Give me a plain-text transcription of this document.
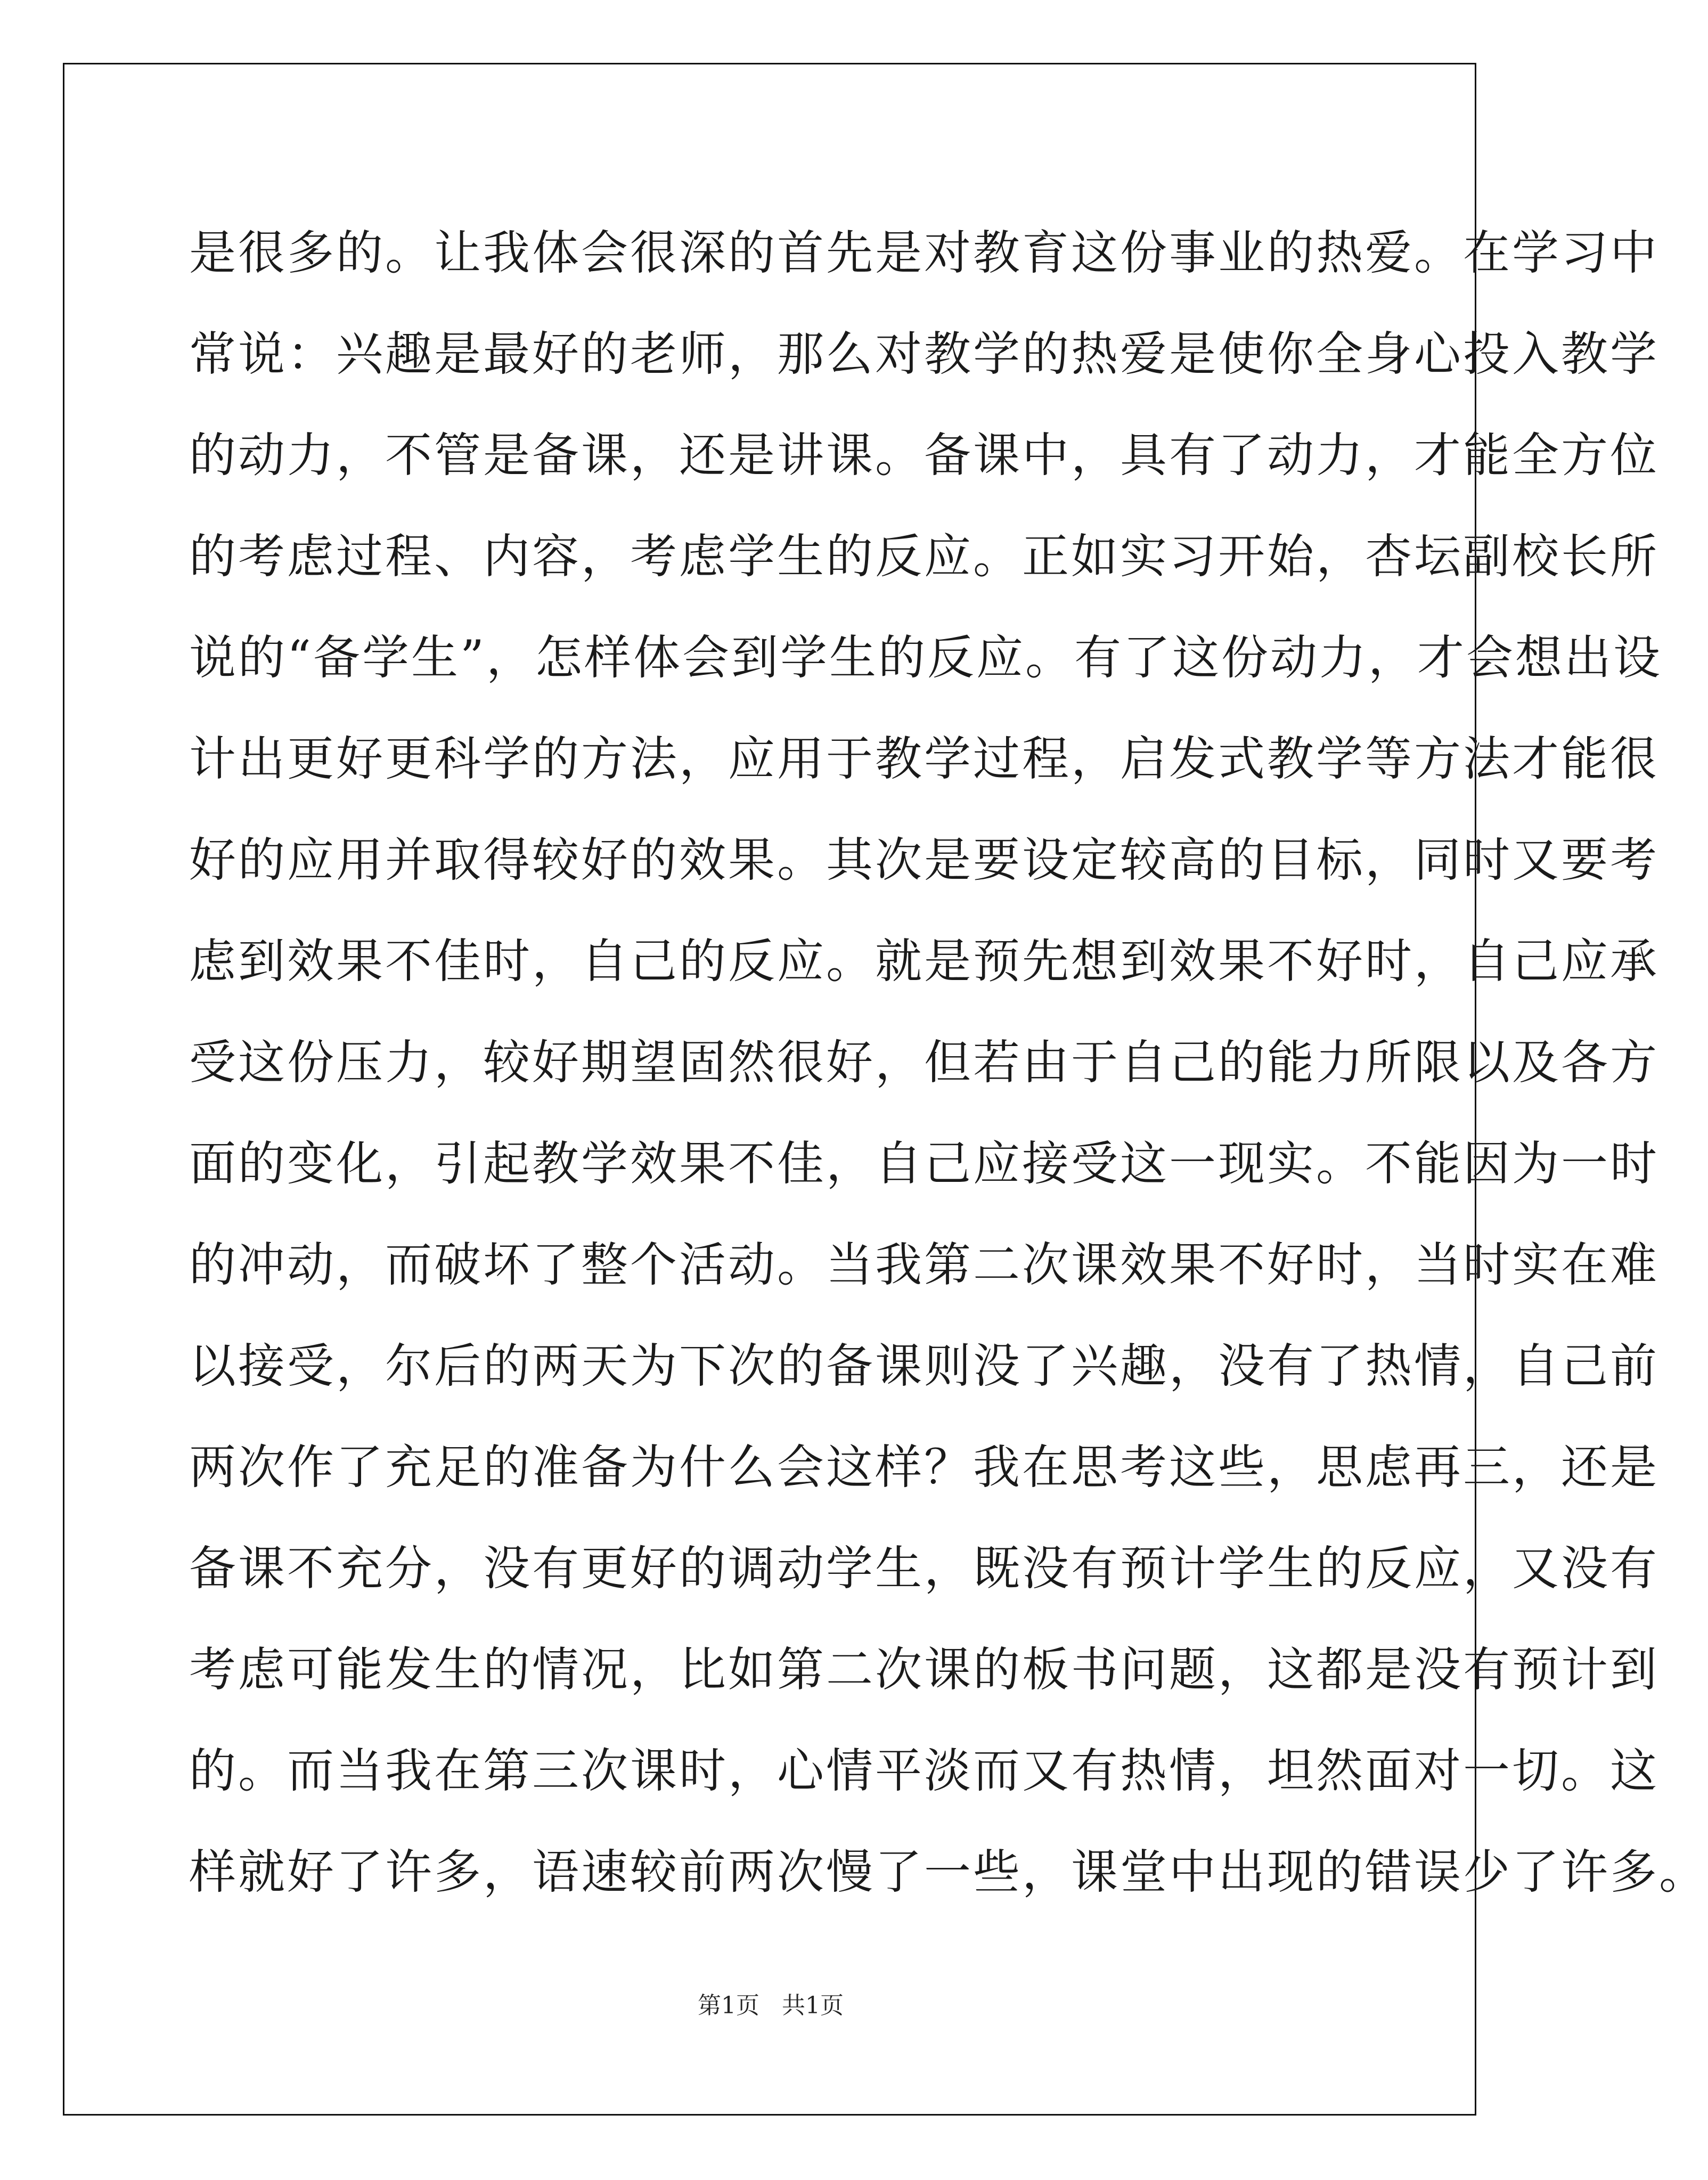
是很多的。让我体会很深的首先是对教育这份事业的热爱。在学习中
常说：兴趣是最好的老师，那么对教学的热爱是使你全身心投入教学
的动力，不管是备课，还是讲课。备课中，具有了动力，才能全方位
的考虑过程、内容，考虑学生的反应。正如实习开始，杏坛副校长所
说的“备学生”，怎样体会到学生的反应。有了这份动力，才会想出设
计出更好更科学的方法，应用于教学过程，启发式教学等方法才能很
好的应用并取得较好的效果。其次是要设定较高的目标，同时又要考
虑到效果不佳时，自己的反应。就是预先想到效果不好时，自己应承
受这份压力，较好期望固然很好，但若由于自己的能力所限以及各方
面的变化，引起教学效果不佳，自己应接受这一现实。不能因为一时
的冲动，而破坏了整个活动。当我第二次课效果不好时，当时实在难
以接受，尔后的两天为下次的备课则没了兴趣，没有了热情，自己前
两次作了充足的准备为什么会这样？我在思考这些，思虑再三，还是
备课不充分，没有更好的调动学生，既没有预计学生的反应，又没有
考虑可能发生的情况，比如第二次课的板书问题，这都是没有预计到
的。而当我在第三次课时，心情平淡而又有热情，坦然面对一切。这
样就好了许多，语速较前两次慢了一些，课堂中出现的错误少了许多。
第1页   共1页
